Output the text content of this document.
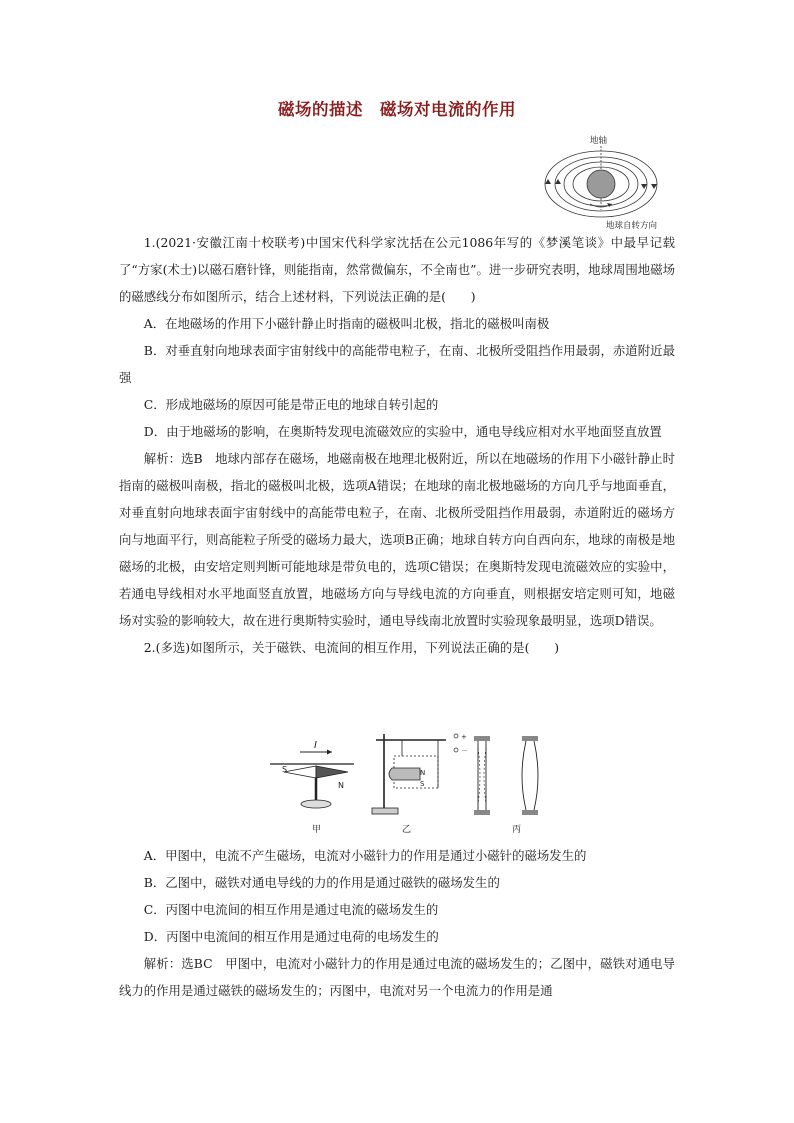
磁场的描述　磁场对电流的作用
地轴
地球自转方向

1.(2021·安徽江南十校联考)中国宋代科学家沈括在公元1086年写的《梦溪笔谈》中最早记载了“方家(术士)以磁石磨针锋，则能指南，然常微偏东，不全南也”。进一步研究表明，地球周围地磁场的磁感线分布如图所示，结合上述材料，下列说法正确的是(　　)

A．在地磁场的作用下小磁针静止时指南的磁极叫北极，指北的磁极叫南极

B．对垂直射向地球表面宇宙射线中的高能带电粒子，在南、北极所受阻挡作用最弱，赤道附近最强

C．形成地磁场的原因可能是带正电的地球自转引起的

D．由于地磁场的影响，在奥斯特发现电流磁效应的实验中，通电导线应相对水平地面竖直放置

解析：选B　地球内部存在磁场，地磁南极在地理北极附近，所以在地磁场的作用下小磁针静止时指南的磁极叫南极，指北的磁极叫北极，选项A错误；在地球的南北极地磁场的方向几乎与地面垂直，对垂直射向地球表面宇宙射线中的高能带电粒子，在南、北极所受阻挡作用最弱，赤道附近的磁场方向与地面平行，则高能粒子所受的磁场力最大，选项B正确；地球自转方向自西向东，地球的南极是地磁场的北极，由安培定则判断可能地球是带负电的，选项C错误；在奥斯特发现电流磁效应的实验中，若通电导线相对水平地面竖直放置，地磁场方向与导线电流的方向垂直，则根据安培定则可知，地磁场对实验的影响较大，故在进行奥斯特实验时，通电导线南北放置时实验现象最明显，选项D错误。

2.(多选)如图所示，关于磁铁、电流间的相互作用，下列说法正确的是(　　)

I
S
N
甲
+
－
N
S
乙	丙

A．甲图中，电流不产生磁场，电流对小磁针力的作用是通过小磁针的磁场发生的

B．乙图中，磁铁对通电导线的力的作用是通过磁铁的磁场发生的

C．丙图中电流间的相互作用是通过电流的磁场发生的

D．丙图中电流间的相互作用是通过电荷的电场发生的

解析：选BC　甲图中，电流对小磁针力的作用是通过电流的磁场发生的；乙图中，磁铁对通电导线力的作用是通过磁铁的磁场发生的；丙图中，电流对另一个电流力的作用是通
